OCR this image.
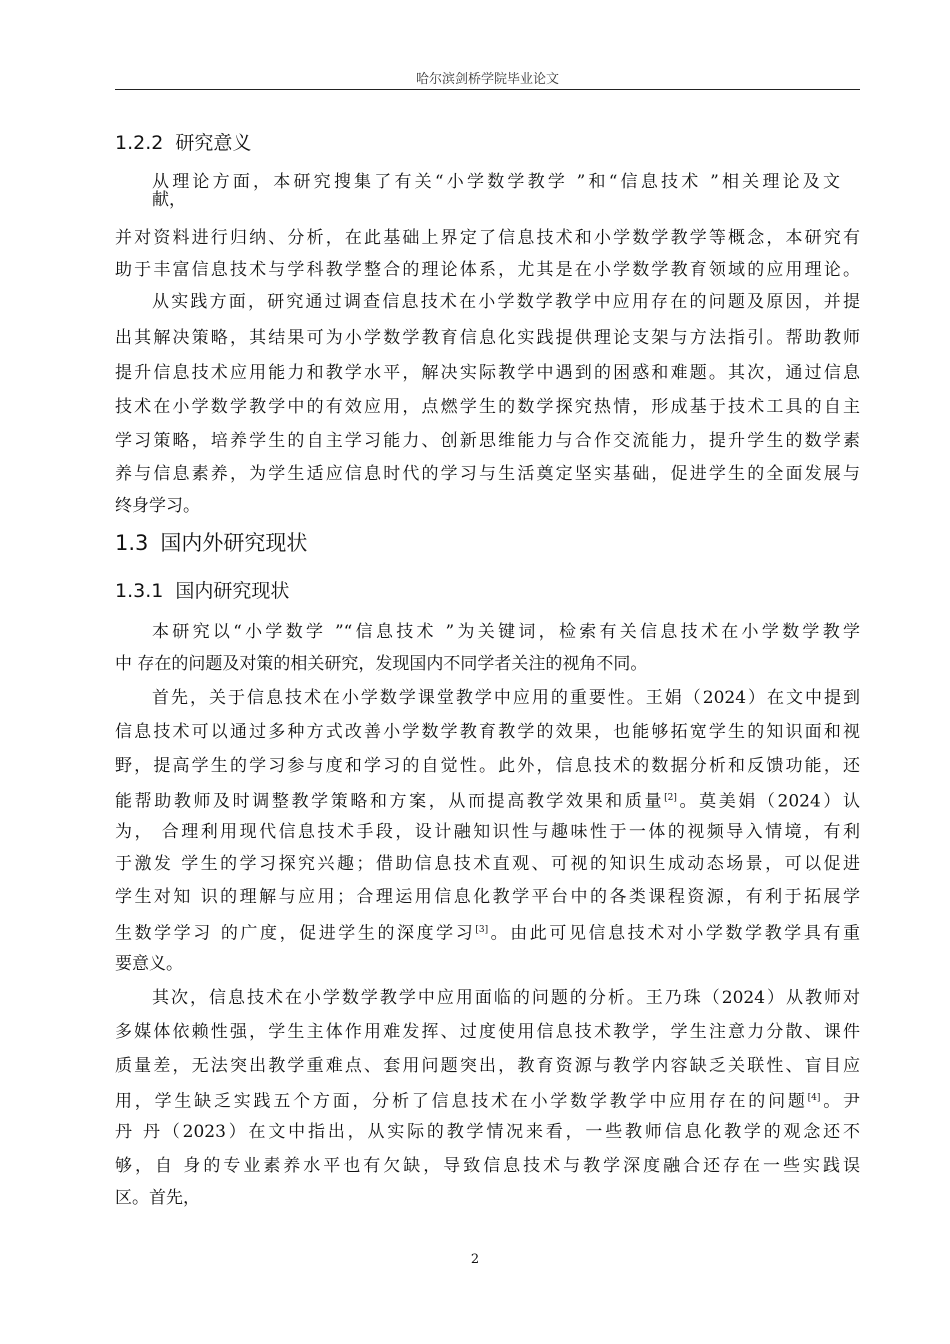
哈尔滨剑桥学院毕业论文
1.2.2 研究意义
从理论方面，本研究搜集了有关“小学数学教学 ”和“信息技术 ”相关理论及文
献，
并对资料进行归纳、分析，在此基础上界定了信息技术和小学数学教学等概念，本研究有
助于丰富信息技术与学科教学整合的理论体系，尤其是在小学数学教育领域的应用理论。
从实践方面，研究通过调查信息技术在小学数学教学中应用存在的问题及原因，并提
出其解决策略，其结果可为小学数学教育信息化实践提供理论支架与方法指引。帮助教师
提升信息技术应用能力和教学水平，解决实际教学中遇到的困惑和难题。其次，通过信息
技术在小学数学教学中的有效应用，点燃学生的数学探究热情，形成基于技术工具的自主
学习策略，培养学生的自主学习能力、创新思维能力与合作交流能力，提升学生的数学素
养与信息素养，为学生适应信息时代的学习与生活奠定坚实基础，促进学生的全面发展与
终身学习。
1.3 国内外研究现状
1.3.1 国内研究现状
本研究以“小学数学 ”“信息技术 ”为关键词，检索有关信息技术在小学数学教学
中 存在的问题及对策的相关研究，发现国内不同学者关注的视角不同。
首先，关于信息技术在小学数学课堂教学中应用的重要性。王娟（2024）在文中提到
信息技术可以通过多种方式改善小学数学教育教学的效果，也能够拓宽学生的知识面和视
野，提高学生的学习参与度和学习的自觉性。此外，信息技术的数据分析和反馈功能，还
能帮助教师及时调整教学策略和方案，从而提高教学效果和质量[2]。莫美娟（2024）认
为， 合理利用现代信息技术手段，设计融知识性与趣味性于一体的视频导入情境，有利
于激发 学生的学习探究兴趣；借助信息技术直观、可视的知识生成动态场景，可以促进
学生对知 识的理解与应用；合理运用信息化教学平台中的各类课程资源，有利于拓展学
生数学学习 的广度，促进学生的深度学习[3]。由此可见信息技术对小学数学教学具有重
要意义。
其次，信息技术在小学数学教学中应用面临的问题的分析。王乃珠（2024）从教师对
多媒体依赖性强，学生主体作用难发挥、过度使用信息技术教学，学生注意力分散、课件
质量差，无法突出教学重难点、套用问题突出，教育资源与教学内容缺乏关联性、盲目应
用，学生缺乏实践五个方面，分析了信息技术在小学数学教学中应用存在的问题[4]。尹
丹 丹（2023）在文中指出，从实际的教学情况来看，一些教师信息化教学的观念还不
够，自 身的专业素养水平也有欠缺，导致信息技术与教学深度融合还存在一些实践误
区。首先，
2
